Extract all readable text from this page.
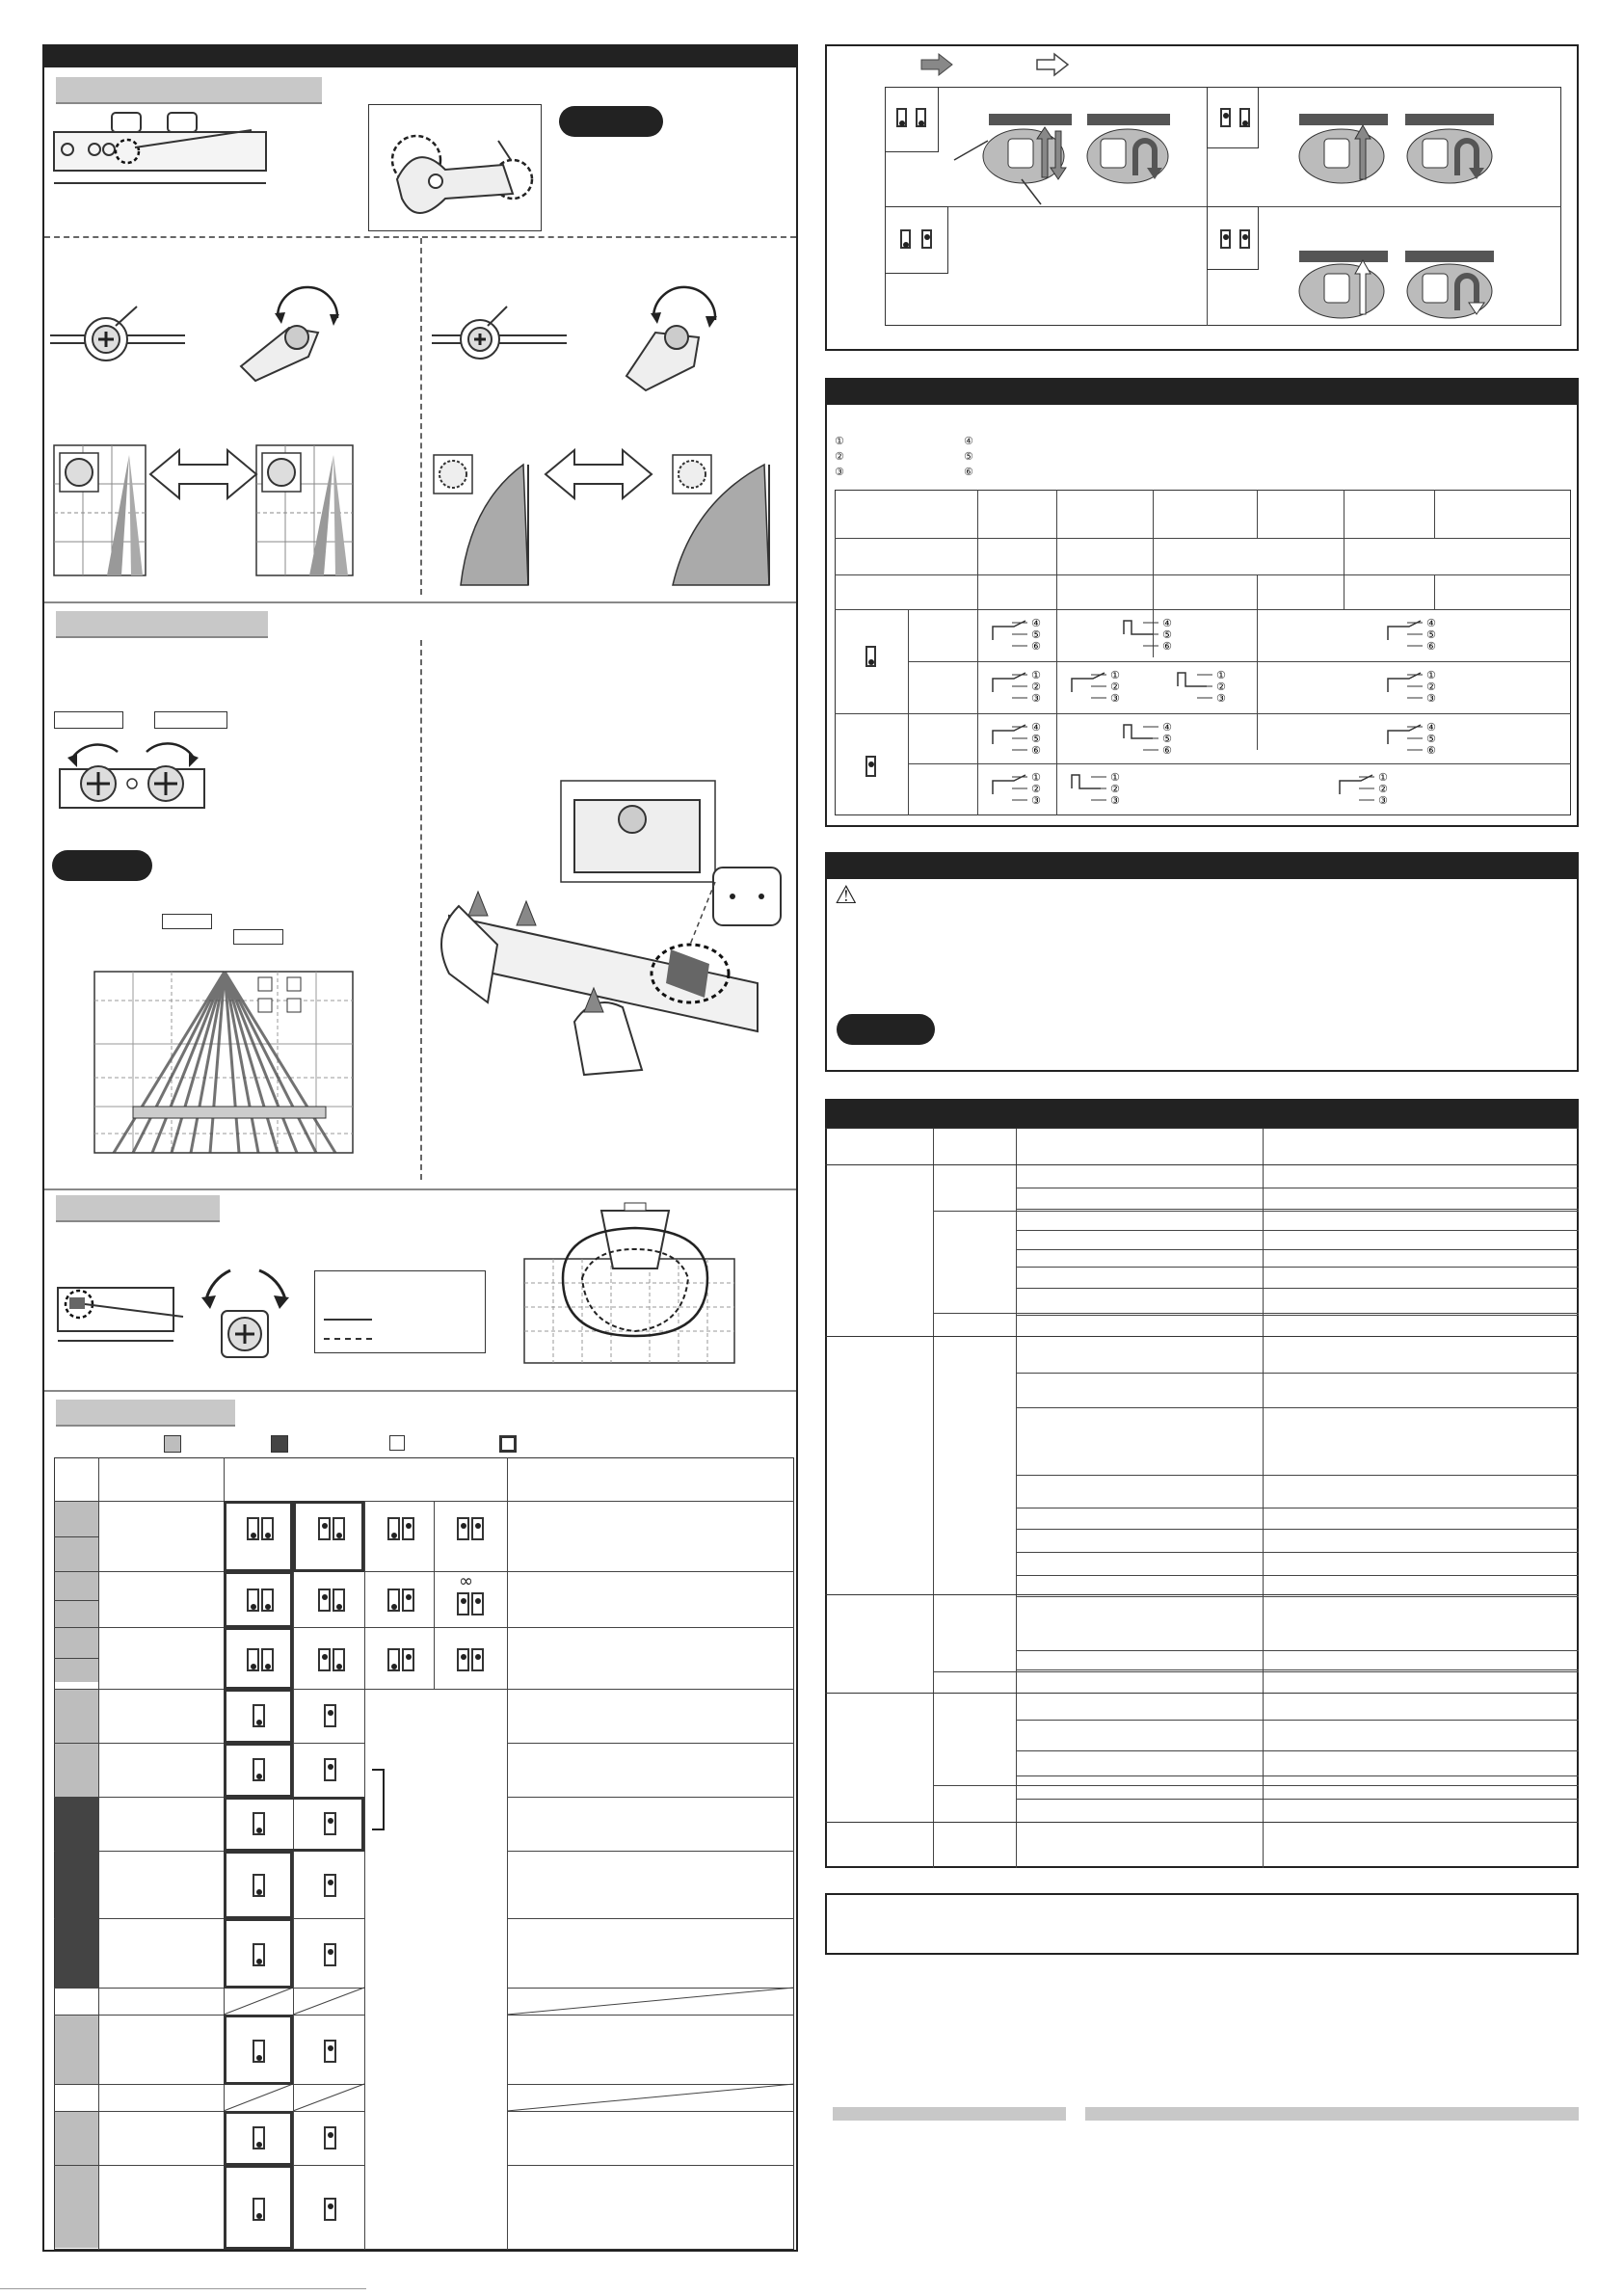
∞
①
②
③
④
⑤
⑥
④
⑤
⑥
④
⑤
⑥
④
⑤
⑥
①
②
③
①
②
③
①
②
③
①
②
③
④
⑤
⑥
④
⑤
⑥
④
⑤
⑥
①
②
③
①
②
③
①
②
③
⚠
